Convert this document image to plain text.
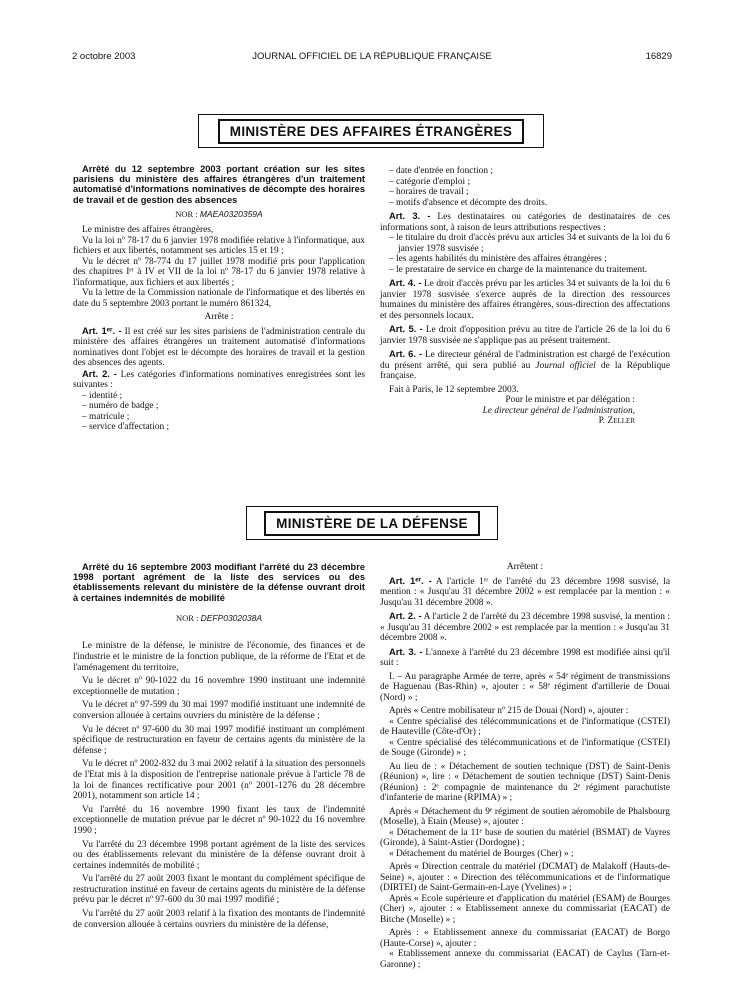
2 octobre 2003	JOURNAL OFFICIEL DE LA RÉPUBLIQUE FRANÇAISE	16829
MINISTÈRE DES AFFAIRES ÉTRANGÈRES

Arrêté du 12 septembre 2003 portant création sur les sites parisiens du ministère des affaires étrangères d'un traitement automatisé d'informations nominatives de décompte des horaires de travail et de gestion des absences

NOR : MAEA0320359A

Le ministre des affaires étrangères,

Vu la loi nº 78-17 du 6 janvier 1978 modifiée relative à l'informatique, aux fichiers et aux libertés, notamment ses articles 15 et 19 ;

Vu le décret nº 78-774 du 17 juillet 1978 modifié pris pour l'application des chapitres Iᵉʳ à IV et VII de la loi nº 78-17 du 6 janvier 1978 relative à l'informatique, aux fichiers et aux libertés ;

Vu la lettre de la Commission nationale de l'informatique et des libertés en date du 5 septembre 2003 portant le numéro 861324,

Arrête :

Art. 1ᵉʳ. - Il est créé sur les sites parisiens de l'administration centrale du ministère des affaires étrangères un traitement automatisé d'informations nominatives dont l'objet est le décompte des horaires de travail et la gestion des absences des agents.

Art. 2. - Les catégories d'informations nominatives enregistrées sont les suivantes :

– identité ;
– numéro de badge ;
– matricule ;
– service d'affectation ;
– date d'entrée en fonction ;
– catégorie d'emploi ;
– horaires de travail ;
– motifs d'absence et décompte des droits.

Art. 3. - Les destinataires ou catégories de destinataires de ces informations sont, à raison de leurs attributions respectives :

– le titulaire du droit d'accès prévu aux articles 34 et suivants de la loi du 6 janvier 1978 susvisée ;
– les agents habilités du ministère des affaires étrangères ;
– le prestataire de service en charge de la maintenance du traitement.

Art. 4. - Le droit d'accès prévu par les articles 34 et suivants de la loi du 6 janvier 1978 susvisée s'exerce auprès de la direction des ressources humaines du ministère des affaires étrangères, sous-direction des affectations et des personnels locaux.

Art. 5. - Le droit d'opposition prévu au titre de l'article 26 de la loi du 6 janvier 1978 susvisée ne s'applique pas au présent traitement.

Art. 6. - Le directeur général de l'administration est chargé de l'exécution du présent arrêté, qui sera publié au Journal officiel de la République française.

Fait à Paris, le 12 septembre 2003.

Pour le ministre et par délégation :

Le directeur général de l'administration,

P. Zeller

MINISTÈRE DE LA DÉFENSE

Arrêté du 16 septembre 2003 modifiant l'arrêté du 23 décembre 1998 portant agrément de la liste des services ou des établissements relevant du ministère de la défense ouvrant droit à certaines indemnités de mobilité

NOR : DEFP0302038A

Le ministre de la défense, le ministre de l'économie, des finances et de l'industrie et le ministre de la fonction publique, de la réforme de l'Etat et de l'aménagement du territoire,

Vu le décret nº 90-1022 du 16 novembre 1990 instituant une indemnité exceptionnelle de mutation ;

Vu le décret nº 97-599 du 30 mai 1997 modifié instituant une indemnité de conversion allouée à certains ouvriers du ministère de la défense ;

Vu le décret nº 97-600 du 30 mai 1997 modifié instituant un complément spécifique de restructuration en faveur de certains agents du ministère de la défense ;

Vu le décret nº 2002-832 du 3 mai 2002 relatif à la situation des personnels de l'Etat mis à la disposition de l'entreprise nationale prévue à l'article 78 de la loi de finances rectificative pour 2001 (nº 2001-1276 du 28 décembre 2001), notamment son article 14 ;

Vu l'arrêté du 16 novembre 1990 fixant les taux de l'indemnité exceptionnelle de mutation prévue par le décret nº 90-1022 du 16 novembre 1990 ;

Vu l'arrêté du 23 décembre 1998 portant agrément de la liste des services ou des établissements relevant du ministère de la défense ouvrant droit à certaines indemnités de mobilité ;

Vu l'arrêté du 27 août 2003 fixant le montant du complément spécifique de restructuration institué en faveur de certains agents du ministère de la défense prévu par le décret nº 97-600 du 30 mai 1997 modifié ;

Vu l'arrêté du 27 août 2003 relatif à la fixation des montants de l'indemnité de conversion allouée à certains ouvriers du ministère de la défense,

Arrêtent :

Art. 1ᵉʳ. - A l'article 1ᵉʳ de l'arrêté du 23 décembre 1998 susvisé, la mention : « Jusqu'au 31 décembre 2002 » est remplacée par la mention : « Jusqu'au 31 décembre 2008 ».

Art. 2. - A l'article 2 de l'arrêté du 23 décembre 1998 susvisé, la mention : « Jusqu'au 31 décembre 2002 » est remplacée par la mention : « Jusqu'au 31 décembre 2008 ».

Art. 3. - L'annexe à l'arrêté du 23 décembre 1998 est modifiée ainsi qu'il suit :

I. – Au paragraphe Armée de terre, après « 54ᵉ régiment de transmissions de Haguenau (Bas-Rhin) », ajouter : « 58ᵉ régiment d'artillerie de Douai (Nord) » ;

Après « Centre mobilisateur nº 215 de Douai (Nord) », ajouter :

« Centre spécialisé des télécommunications et de l'informatique (CSTEI) de Hauteville (Côte-d'Or) ;

« Centre spécialisé des télécommunications et de l'informatique (CSTEI) de Souge (Gironde) » ;

Au lieu de : « Détachement de soutien technique (DST) de Saint-Denis (Réunion) », lire : « Détachement de soutien technique (DST) Saint-Denis (Réunion) : 2ᵉ compagnie de maintenance du 2ᵉ régiment parachutiste d'infanterie de marine (RPIMA) » ;

Après « Détachement du 9ᵉ régiment de soutien aéromobile de Phalsbourg (Moselle), à Etain (Meuse) », ajouter :

« Détachement de la 11ᵉ base de soutien du matériel (BSMAT) de Vayres (Gironde), à Saint-Astier (Dordogne) ;

« Détachement du matériel de Bourges (Cher) » ;

Après « Direction centrale du matériel (DCMAT) de Malakoff (Hauts-de-Seine) », ajouter : « Direction des télécommunications et de l'informatique (DIRTEI) de Saint-Germain-en-Laye (Yvelines) » ;

Après « Ecole supérieure et d'application du matériel (ESAM) de Bourges (Cher) », ajouter : « Etablissement annexe du commissariat (EACAT) de Bitche (Moselle) » ;

Après : « Etablissement annexe du commissariat (EACAT) de Borgo (Haute-Corse) », ajouter :

« Etablissement annexe du commissariat (EACAT) de Caylus (Tarn-et-Garonne) ;
